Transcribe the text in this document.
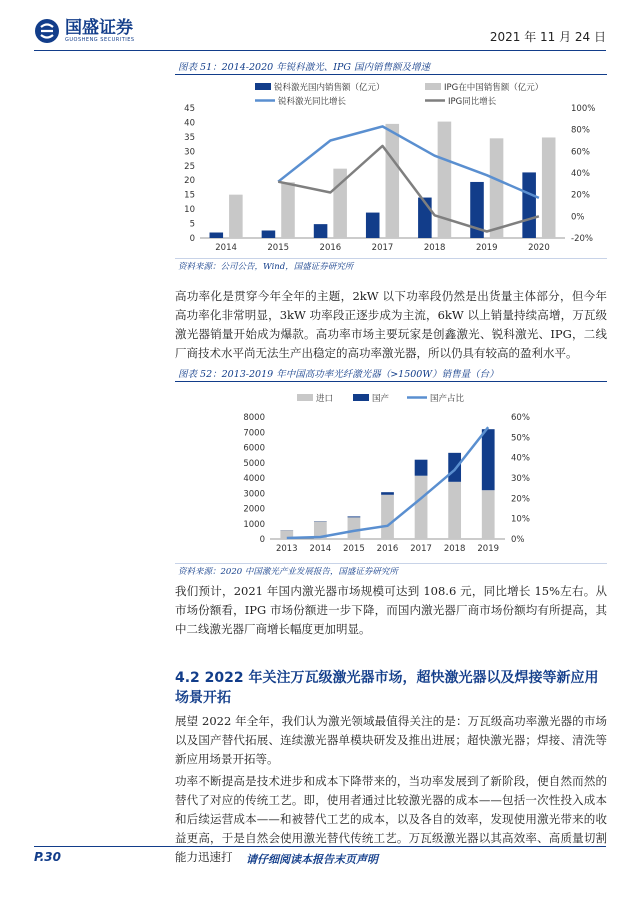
国盛证券
GUOSHENG SECURITIES	2021 年 11 月 24 日
图表 51：2014-2020 年锐科激光、IPG 国内销售额及增速
0
5
10
15
20
25
30
35
40
45
-20%
0%
20%
40%
60%
80%
100%
2014	2015	2016	2017	2018	2019	2020
锐科激光国内销售额（亿元）	IPG在中国销售额（亿元）
锐科激光同比增长	IPG同比增长
资料来源：公司公告，Wind，国盛证券研究所
高功率化是贯穿今年全年的主题，2kW 以下功率段仍然是出货量主体部分，但今年高功率化非常明显，3kW 功率段正逐步成为主流，6kW 以上销量持续高增，万瓦级激光器销量开始成为爆款。高功率市场主要玩家是创鑫激光、锐科激光、IPG，二线厂商技术水平尚无法生产出稳定的高功率激光器，所以仍具有较高的盈利水平。
图表 52：2013-2019 年中国高功率光纤激光器（>1500W）销售量（台）
0
1000
2000
3000
4000
5000
6000
7000
8000
0%
10%
20%
30%
40%
50%
60%
2013 2014 2015 2016 2017 2018 2019
进口	国产	国产占比
资料来源：2020 中国激光产业发展报告，国盛证券研究所
我们预计，2021 年国内激光器市场规模可达到 108.6 元，同比增长 15%左右。从市场份额看，IPG 市场份额进一步下降，而国内激光器厂商市场份额均有所提高，其中二线激光器厂商增长幅度更加明显。
4.2 2022 年关注万瓦级激光器市场，超快激光器以及焊接等新应用场景开拓
展望 2022 年全年，我们认为激光领域最值得关注的是：万瓦级高功率激光器的市场以及国产替代拓展、连续激光器单模块研发及推出进展；超快激光器；焊接、清洗等新应用场景开拓等。
功率不断提高是技术进步和成本下降带来的，当功率发展到了新阶段，便自然而然的替代了对应的传统工艺。即，使用者通过比较激光器的成本——包括一次性投入成本和后续运营成本——和被替代工艺的成本，以及各自的效率，发现使用激光带来的收益更高，于是自然会使用激光替代传统工艺。万瓦级激光器以其高效率、高质量切割能力迅速打
P.30	请仔细阅读本报告末页声明
